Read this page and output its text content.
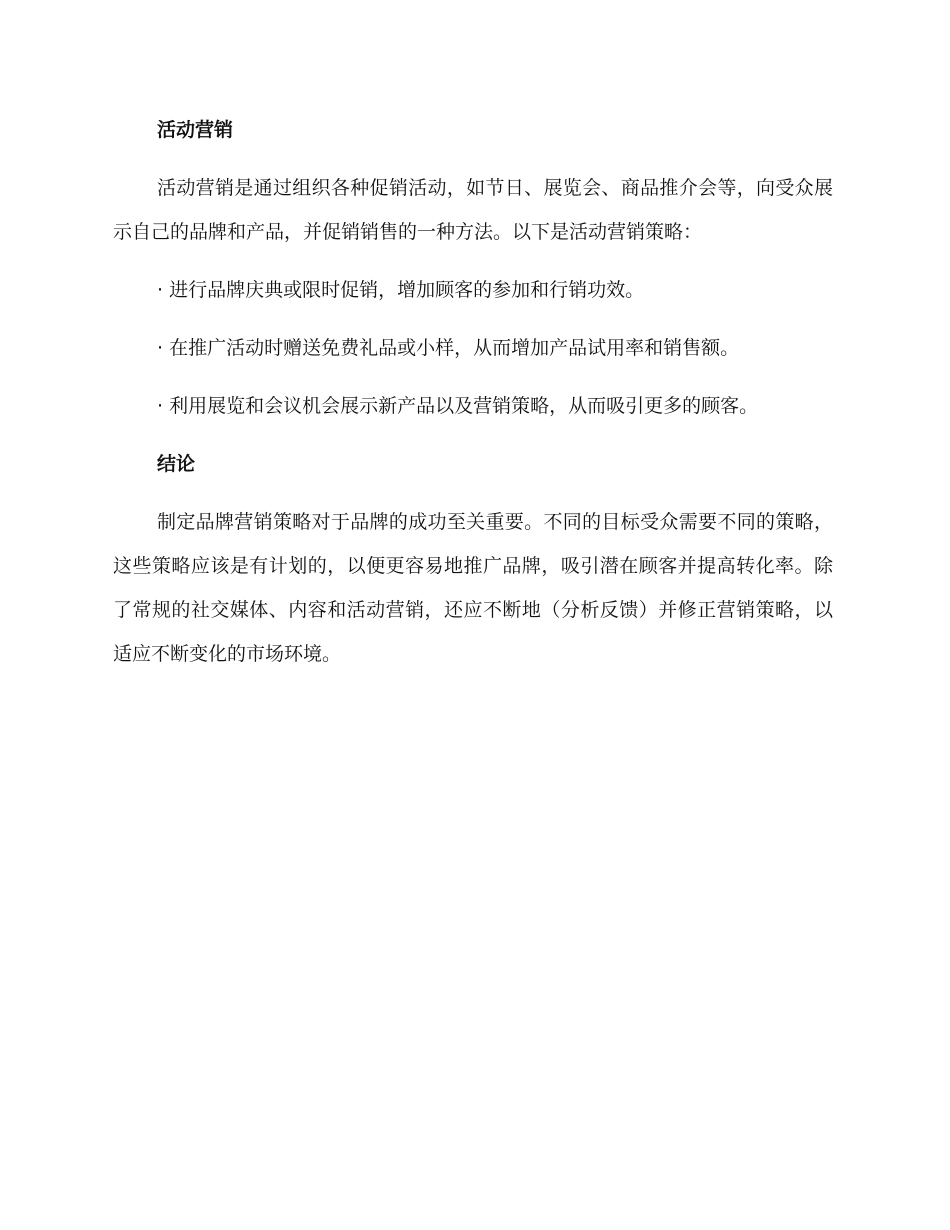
活动营销

活动营销是通过组织各种促销活动，如节日、展览会、商品推介会等，向受众展示自己的品牌和产品，并促销销售的一种方法。以下是活动营销策略：

· 进行品牌庆典或限时促销，增加顾客的参加和行销功效。

· 在推广活动时赠送免费礼品或小样，从而增加产品试用率和销售额。

· 利用展览和会议机会展示新产品以及营销策略，从而吸引更多的顾客。

结论

制定品牌营销策略对于品牌的成功至关重要。不同的目标受众需要不同的策略，这些策略应该是有计划的，以便更容易地推广品牌，吸引潜在顾客并提高转化率。除了常规的社交媒体、内容和活动营销，还应不断地（分析反馈）并修正营销策略，以适应不断变化的市场环境。
